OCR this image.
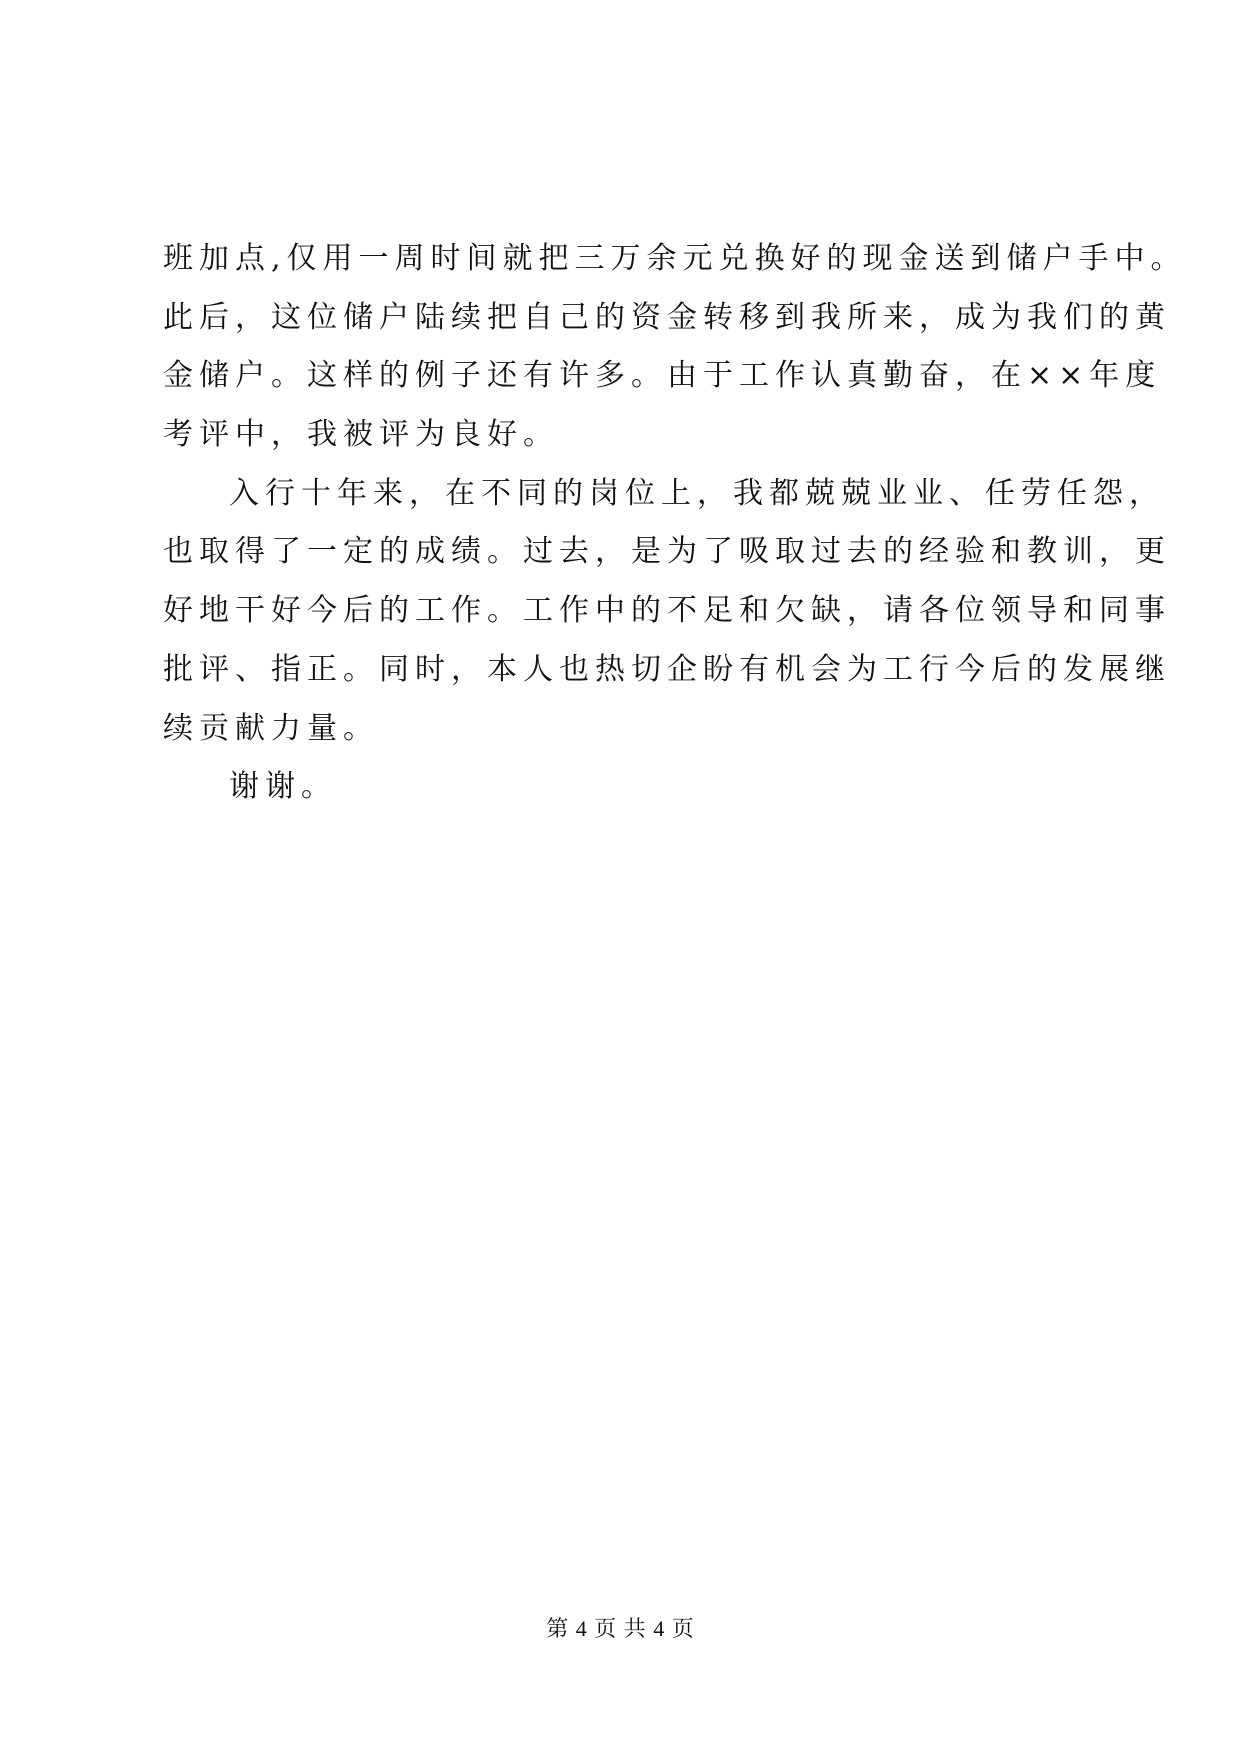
班加点,仅用一周时间就把三万余元兑换好的现金送到储户手中。
此后，这位储户陆续把自己的资金转移到我所来，成为我们的黄
金储户。这样的例子还有许多。由于工作认真勤奋，在××年度
考评中，我被评为良好。
入行十年来，在不同的岗位上，我都兢兢业业、任劳任怨，
也取得了一定的成绩。过去，是为了吸取过去的经验和教训，更
好地干好今后的工作。工作中的不足和欠缺，请各位领导和同事
批评、指正。同时，本人也热切企盼有机会为工行今后的发展继
续贡献力量。
谢谢。
第 4 页 共 4 页
